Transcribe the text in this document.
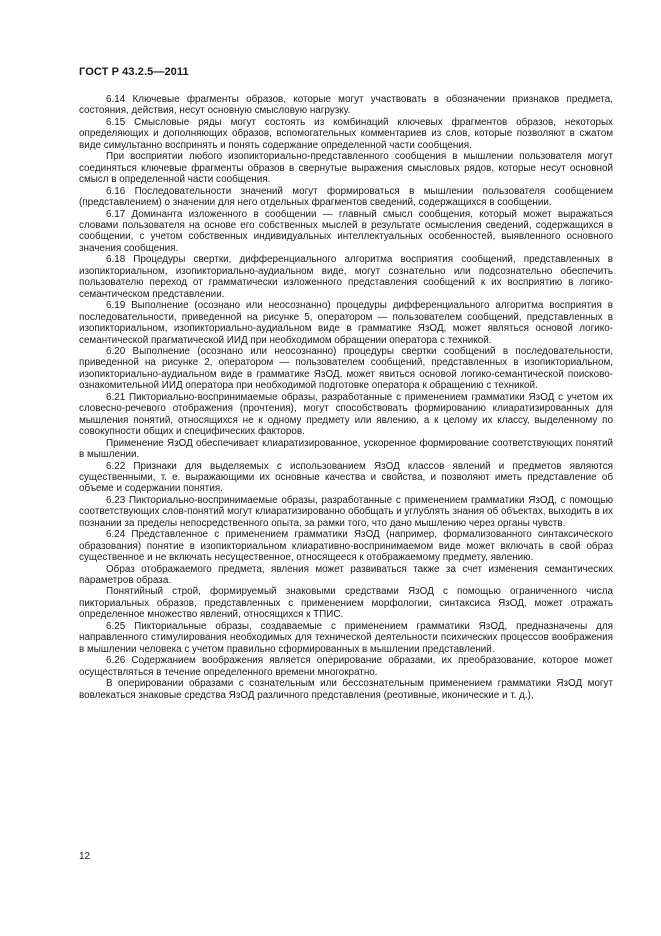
ГОСТ Р 43.2.5—2011

6.14 Ключевые фрагменты образов, которые могут участвовать в обозначении признаков предмета, состояния, действия, несут основную смысловую нагрузку.

6.15 Смысловые ряды могут состоять из комбинаций ключевых фрагментов образов, некоторых определяющих и дополняющих образов, вспомогательных комментариев из слов, которые позволяют в сжатом виде симультанно воспринять и понять содержание определенной части сообщения.

При восприятии любого изопикториально-представленного сообщения в мышлении пользователя могут соединяться ключевые фрагменты образов в свернутые выражения смысловых рядов, которые несут основной смысл в определенной части сообщения.

6.16 Последовательности значений могут формироваться в мышлении пользователя сообщением (представлением) о значении для него отдельных фрагментов сведений, содержащихся в сообщении.

6.17 Доминанта изложенного в сообщении — главный смысл сообщения, который может выражаться словами пользователя на основе его собственных мыслей в результате осмысления сведений, содержащихся в сообщении, с учетом собственных индивидуальных интеллектуальных особенностей, выявленного основного значения сообщения.

6.18 Процедуры свертки, дифференциального алгоритма восприятия сообщений, представленных в изопикториальном, изопикториально-аудиальном виде, могут сознательно или подсознательно обеспечить пользователю переход от грамматически изложенного представления сообщений к их восприятию в логико-семантическом представлении.

6.19 Выполнение (осознано или неосознанно) процедуры дифференциального алгоритма восприятия в последовательности, приведенной на рисунке 5, оператором — пользователем сообщений, представленных в изопикториальном, изопикториально-аудиальном виде в грамматике ЯзОД, может являться основой логико-семантической прагматической ИИД при необходимом обращении оператора с техникой.

6.20 Выполнение (осознано или неосознанно) процедуры свертки сообщений в последовательности, приведенной на рисунке 2, оператором — пользователем сообщений, представленных в изопикториальном, изопикториально-аудиальном виде в грамматике ЯзОД, может явиться основой логико-семантической поисково-ознакомительной ИИД оператора при необходимой подготовке оператора к обращению с техникой.

6.21 Пикториально-воспринимаемые образы, разработанные с применением грамматики ЯзОД с учетом их словесно-речевого отображения (прочтения), могут способствовать формированию клиаратизированных для мышления понятий, относящихся не к одному предмету или явлению, а к целому их классу, выделенному по совокупности общих и специфических факторов.

Применение ЯзОД обеспечивает клиаратизированное, ускоренное формирование соответствующих понятий в мышлении.

6.22 Признаки для выделяемых с использованием ЯзОД классов явлений и предметов являются существенными, т. е. выражающими их основные качества и свойства, и позволяют иметь представление об объеме и содержании понятия.

6.23 Пикториально-воспринимаемые образы, разработанные с применением грамматики ЯзОД, с помощью соответствующих слов-понятий могут клиаратизированно обобщать и углублять знания об объектах, выходить в их познании за пределы непосредственного опыта, за рамки того, что дано мышлению через органы чувств.

6.24 Представленное с применением грамматики ЯзОД (например, формализованного синтаксического образования) понятие в изопикториальном клиаративно-воспринимаемом виде может включать в свой образ существенное и не включать несущественное, относящееся к отображаемому предмету, явлению.

Образ отображаемого предмета, явления может развиваться также за счет изменения семантических параметров образа.

Понятийный строй, формируемый знаковыми средствами ЯзОД с помощью ограниченного числа пикториальных образов, представленных с применением морфологии, синтаксиса ЯзОД, может отражать определенное множество явлений, относящихся к ТПИС.

6.25 Пикториальные образы, создаваемые с применением грамматики ЯзОД, предназначены для направленного стимулирования необходимых для технической деятельности психических процессов воображения в мышлении человека с учетом правильно сформированных в мышлении представлений.

6.26 Содержанием воображения является оперирование образами, их преобразование, которое может осуществляться в течение определенного времени многократно.

В оперировании образами с сознательным или бессознательным применением грамматики ЯзОД могут вовлекаться знаковые средства ЯзОД различного представления (реотивные, иконические и т. д.),

12
